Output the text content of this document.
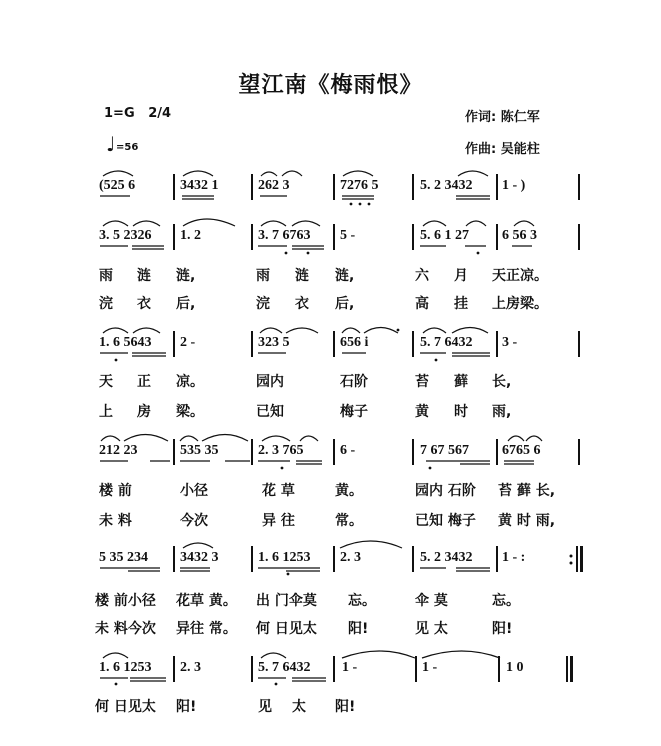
望江南《梅雨恨》
1=G 2/4	作词: 陈仁军
♩ =56	作曲: 吴能柱
(525 6	3432 1	262 3	7276 5	5. 2 3432 1 - )
3. 5 2326 1. 2	3. 7 6763 5 -	5. 6 1 27 6 56 3
雨 涟 涟,	雨 涟 涟,	六 月 天正凉。
浣 衣 后,	浣 衣 后,	高 挂 上房梁。
1. 6 5643 2 -	323 5	656 i	5. 7 6432 3 -
天 正 凉。	园内	石阶	苔 藓 长,
上 房 梁。	已知	梅子	黄 时 雨,
212 23	535 35	2. 3 765	6 -	7 67 567 6765 6
楼 前	小径	花 草	黄。	园内 石阶 苔 藓 长,
未 料	今次	异 往	常。	已知 梅子 黄 时 雨,
5 35 234 3432 3	1. 6 1253 2. 3	5. 2 3432 1 - :
楼 前小径 花草 黄。 出 门伞莫 忘。	伞 莫	忘。
未 料今次 异往 常。 何 日见太 阳!	见 太	阳!
1. 6 1253 2. 3	5. 7 6432 1 -	1 -	1 0
何 日见太 阳!	见 太 阳!
